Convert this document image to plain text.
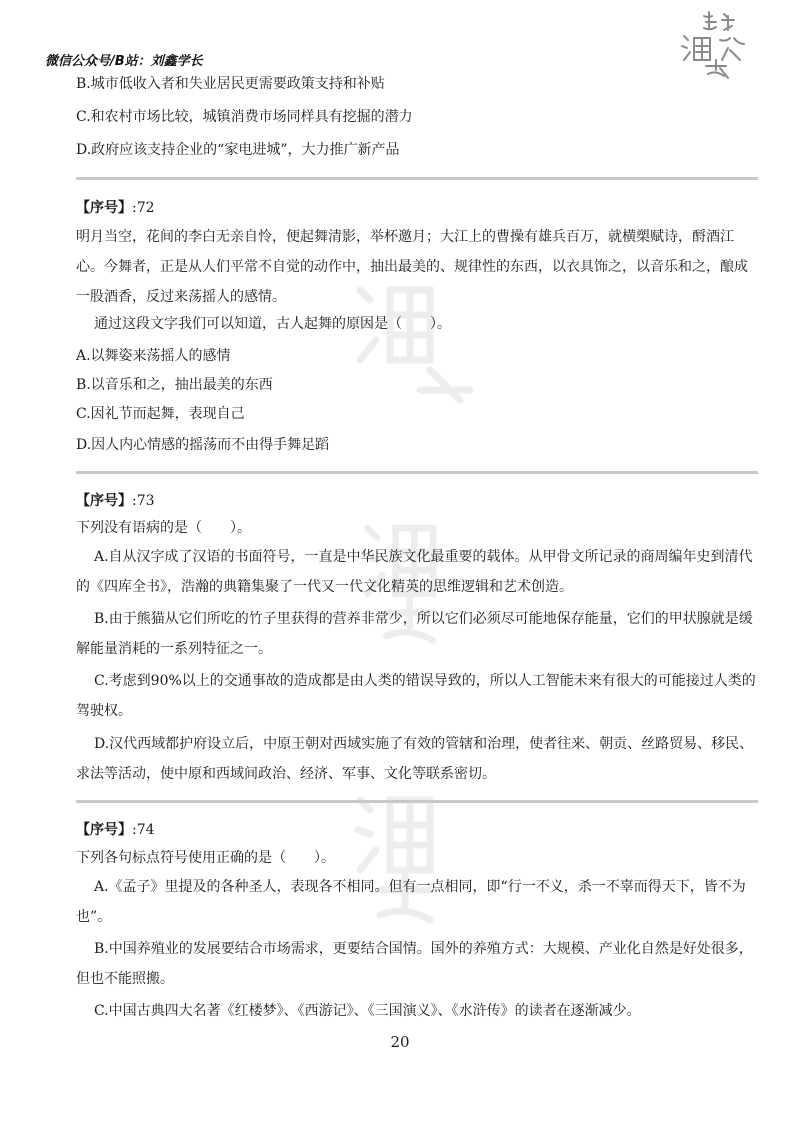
微信公众号/B站：刘鑫学长
潮之公考
B.城市低收入者和失业居民更需要政策支持和补贴
C.和农村市场比较，城镇消费市场同样具有挖掘的潜力
D.政府应该支持企业的“家电进城”，大力推广新产品
【序号】:72
明月当空，花间的李白无亲自怜，便起舞清影，举杯邀月；大江上的曹操有雄兵百万，就横槊赋诗，酹酒江心。今舞者，正是从人们平常不自觉的动作中，抽出最美的、规律性的东西，以衣具饰之，以音乐和之，酿成一股酒香，反过来荡摇人的感情。
通过这段文字我们可以知道，古人起舞的原因是（　　）。
A.以舞姿来荡摇人的感情
B.以音乐和之，抽出最美的东西
C.因礼节而起舞，表现自己
D.因人内心情感的摇荡而不由得手舞足蹈
【序号】:73
下列没有语病的是（　　）。
A.自从汉字成了汉语的书面符号，一直是中华民族文化最重要的载体。从甲骨文所记录的商周编年史到清代的《四库全书》，浩瀚的典籍集聚了一代又一代文化精英的思维逻辑和艺术创造。
B.由于熊猫从它们所吃的竹子里获得的营养非常少，所以它们必须尽可能地保存能量，它们的甲状腺就是缓解能量消耗的一系列特征之一。
C.考虑到90%以上的交通事故的造成都是由人类的错误导致的，所以人工智能未来有很大的可能接过人类的驾驶权。
D.汉代西域都护府设立后，中原王朝对西域实施了有效的管辖和治理，使者往来、朝贡、丝路贸易、移民、求法等活动，使中原和西域间政治、经济、军事、文化等联系密切。
【序号】:74
下列各句标点符号使用正确的是（　　）。
A.《孟子》里提及的各种圣人，表现各不相同。但有一点相同，即“行一不义，杀一不辜而得天下，皆不为也”。
B.中国养殖业的发展要结合市场需求，更要结合国情。国外的养殖方式：大规模、产业化自然是好处很多，但也不能照搬。
C.中国古典四大名著《红楼梦》、《西游记》、《三国演义》、《水浒传》的读者在逐渐减少。
20
